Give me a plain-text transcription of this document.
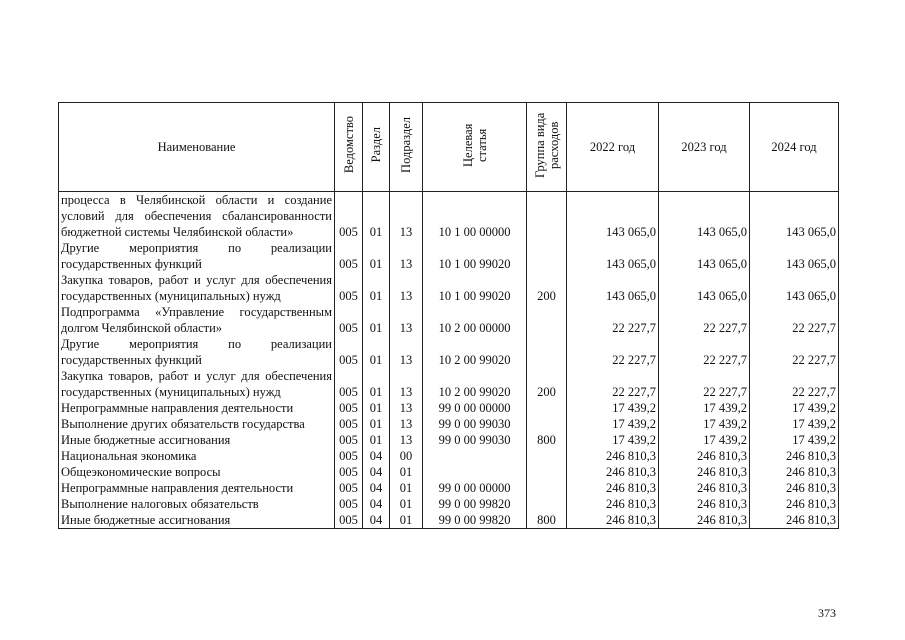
Наименование	Ведомство	Раздел	Подраздел	Целевая статья	Группа вида расходов	2022 год	2023 год	2024 год
процесса в Челябинской области и создание условий для обеспечения сбалансированности бюджетной системы Челябинской области»	005	01	13	10 1 00 00000		143 065,0	143 065,0	143 065,0
Другие мероприятия по реализации государственных функций	005	01	13	10 1 00 99020		143 065,0	143 065,0	143 065,0
Закупка товаров, работ и услуг для обеспечения государственных (муниципальных) нужд	005	01	13	10 1 00 99020	200	143 065,0	143 065,0	143 065,0
Подпрограмма «Управление государственным долгом Челябинской области»	005	01	13	10 2 00 00000		22 227,7	22 227,7	22 227,7
Другие мероприятия по реализации государственных функций	005	01	13	10 2 00 99020		22 227,7	22 227,7	22 227,7
Закупка товаров, работ и услуг для обеспечения государственных (муниципальных) нужд	005	01	13	10 2 00 99020	200	22 227,7	22 227,7	22 227,7
Непрограммные направления деятельности	005	01	13	99 0 00 00000		17 439,2	17 439,2	17 439,2
Выполнение других обязательств государства	005	01	13	99 0 00 99030		17 439,2	17 439,2	17 439,2
Иные бюджетные ассигнования	005	01	13	99 0 00 99030	800	17 439,2	17 439,2	17 439,2
Национальная экономика	005	04	00			246 810,3	246 810,3	246 810,3
Общеэкономические вопросы	005	04	01			246 810,3	246 810,3	246 810,3
Непрограммные направления деятельности	005	04	01	99 0 00 00000		246 810,3	246 810,3	246 810,3
Выполнение налоговых обязательств	005	04	01	99 0 00 99820		246 810,3	246 810,3	246 810,3
Иные бюджетные ассигнования	005	04	01	99 0 00 99820	800	246 810,3	246 810,3	246 810,3
373
